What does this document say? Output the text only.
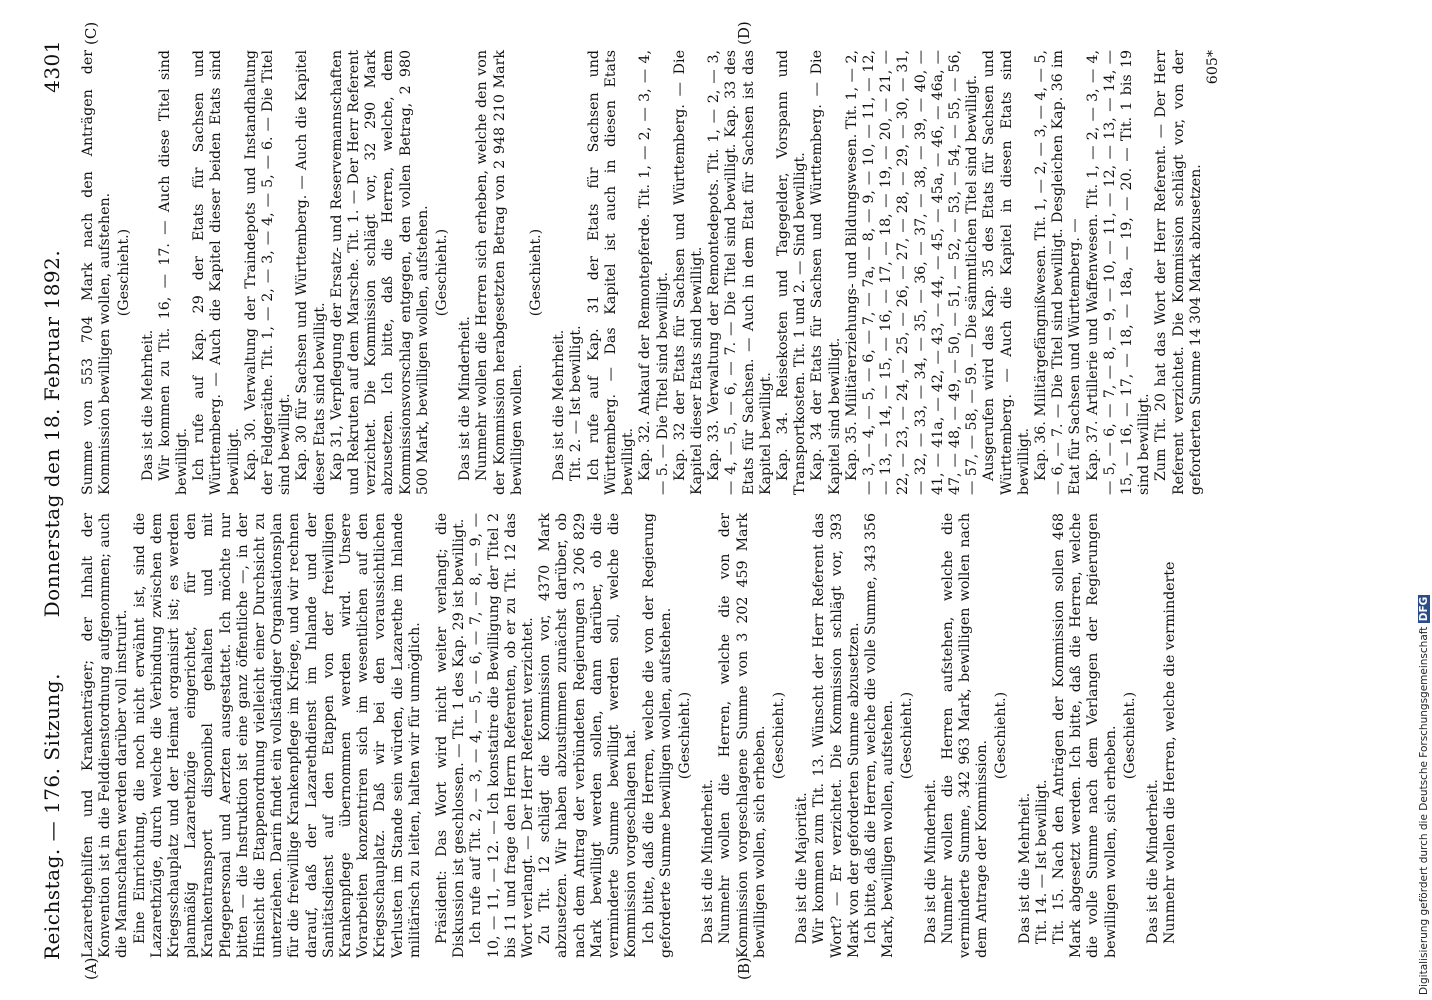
Reichstag. — 176. Sitzung.
Donnerstag den 18. Februar 1892. 4301
(A)	(B)
(C)	(D)

Lazarethgehilfen und Krankenträger; der Inhalt der Konvention ist in die Felddienstordnung aufgenommen; auch die Mannschaften werden darüber voll instruirt. Eine Einrichtung, die noch nicht erwähnt ist, sind die Lazarethzüge, durch welche die Verbindung zwischen dem Kriegsschauplatz und der Heimat organisirt ist; es werden planmäßig Lazarethzüge eingerichtet, für den Krankentransport disponibel gehalten und mit Pflegepersonal und Aerzten ausgestattet. Ich möchte nur bitten — die Instruktion ist eine ganz öffentliche —, in der Hinsicht die Etappenordnung vielleicht einer Durchsicht zu unterziehen. Darin findet ein vollständiger Organisationsplan für die freiwillige Krankenpflege im Kriege, und wir rechnen darauf, daß der Lazarethdienst im Inlande und der Sanitätsdienst auf den Etappen von der freiwilligen Krankenpflege übernommen werden wird. Unsere Vorarbeiten konzentriren sich im wesentlichen auf den Kriegsschauplatz. Daß wir bei den voraussichtlichen Verlusten im Stande sein würden, die Lazarethe im Inlande militärisch zu leiten, halten wir für unmöglich. Präsident: Das Wort wird nicht weiter verlangt; die Diskussion ist geschlossen. — Tit. 1 des Kap. 29 ist bewilligt. Ich rufe auf Tit. 2, — 3, — 4, — 5, — 6, — 7, — 8, — 9, — 10, — 11, — 12. — Ich konstatire die Bewilligung der Titel 2 bis 11 und frage den Herrn Referenten, ob er zu Tit. 12 das Wort verlangt. — Der Herr Referent verzichtet. Zu Tit. 12 schlägt die Kommission vor, 4370 Mark abzusetzen. Wir haben abzustimmen zunächst darüber, ob nach dem Antrag der verbündeten Regierungen 3 206 829 Mark bewilligt werden sollen, dann darüber, ob die verminderte Summe bewilligt werden soll, welche die Kommission vorgeschlagen hat. Ich bitte, daß die Herren, welche die von der Regierung geforderte Summe bewilligen wollen, aufstehen. (Geschieht.)

Das ist die Minderheit. Nunmehr wollen die Herren, welche die von der Kommission vorgeschlagene Summe von 3 202 459 Mark bewilligen wollen, sich erheben. (Geschieht.)

Das ist die Majorität. Wir kommen zum Tit. 13. Wünscht der Herr Referent das Wort? — Er verzichtet. Die Kommission schlägt vor, 393 Mark von der geforderten Summe abzusetzen. Ich bitte, daß die Herren, welche die volle Summe, 343 356 Mark, bewilligen wollen, aufstehen. (Geschieht.)

Das ist die Minderheit. Nunmehr wollen die Herren aufstehen, welche die verminderte Summe, 342 963 Mark, bewilligen wollen nach dem Antrage der Kommission.

(Geschieht.)

Das ist die Mehrheit. Tit. 14. — Ist bewilligt. Tit. 15. Nach den Anträgen der Kommission sollen 468 Mark abgesetzt werden. Ich bitte, daß die Herren, welche die volle Summe nach dem Verlangen der Regierungen bewilligen wollen, sich erheben. (Geschieht.)

Das ist die Minderheit. Nunmehr wollen die Herren, welche die verminderte

Summe von 553 704 Mark nach den Anträgen der Kommission bewilligen wollen, aufstehen. (Geschieht.)

Das ist die Mehrheit. Wir kommen zu Tit. 16, — 17. — Auch diese Titel sind bewilligt. Ich rufe auf Kap. 29 der Etats für Sachsen und Württemberg. — Auch die Kapitel dieser beiden Etats sind bewilligt. Kap. 30. Verwaltung der Traindepots und Instandhaltung der Feldgeräthe. Tit. 1, — 2, — 3, — 4, — 5, — 6. — Die Titel sind bewilligt. Kap. 30 für Sachsen und Württemberg. — Auch die Kapitel dieser Etats sind bewilligt. Kap 31, Verpflegung der Ersatz- und Reservemannschaften und Rekruten auf dem Marsche. Tit. 1. — Der Herr Referent verzichtet. Die Kommission schlägt vor, 32 290 Mark abzusetzen. Ich bitte, daß die Herren, welche, dem Kommissionsvorschlag entgegen, den vollen Betrag, 2 980 500 Mark, bewilligen wollen, aufstehen. (Geschieht.)

Das ist die Minderheit. Nunmehr wollen die Herren sich erheben, welche den von der Kommission herabgesetzten Betrag von 2 948 210 Mark bewilligen wollen.

(Geschieht.)

Das ist die Mehrheit. Tit. 2. — Ist bewilligt. Ich rufe auf Kap. 31 der Etats für Sachsen und Württemberg. — Das Kapitel ist auch in diesen Etats bewilligt. Kap. 32. Ankauf der Remontepferde. Tit. 1, — 2, — 3, — 4, — 5. — Die Titel sind bewilligt. Kap. 32 der Etats für Sachsen und Württemberg. — Die Kapitel dieser Etats sind bewilligt. Kap. 33. Verwaltung der Remontedepots. Tit. 1, — 2, — 3, — 4, — 5, — 6, — 7. — Die Titel sind bewilligt. Kap. 33 des Etats für Sachsen. — Auch in dem Etat für Sachsen ist das Kapitel bewilligt. Kap. 34. Reisekosten und Tagegelder, Vorspann und Transportkosten. Tit. 1 und 2. — Sind bewilligt. Kap. 34 der Etats für Sachsen und Württemberg. — Die Kapitel sind bewilligt. Kap. 35. Militärerziehungs- und Bildungswesen. Tit. 1, — 2, — 3, — 4, — 5, — 6, — 7, — 7a, — 8, — 9, — 10, — 11, — 12, — 13, — 14, — 15, — 16, — 17, — 18, — 19, — 20, — 21, — 22, — 23, — 24, — 25, — 26, — 27, — 28, — 29, — 30, — 31, — 32, — 33, — 34, — 35, — 36, — 37, — 38, — 39, — 40, — 41, — 41a, — 42, — 43, — 44, — 45, — 45a, — 46, — 46a, — 47, — 48, — 49, — 50, — 51, — 52, — 53, — 54, — 55, — 56, — 57, — 58, — 59. — Die sämmtlichen Titel sind bewilligt. Ausgerufen wird das Kap. 35 des Etats für Sachsen und Württemberg. — Auch die Kapitel in diesen Etats sind bewilligt. Kap. 36. Militärgefängnißwesen. Tit. 1, — 2, — 3, — 4, — 5, — 6, — 7. — Die Titel sind bewilligt. Desgleichen Kap. 36 im Etat für Sachsen und Württemberg. — Kap. 37. Artillerie und Waffenwesen. Tit. 1, — 2, — 3, — 4, — 5, — 6, — 7, — 8, — 9, — 10, — 11, — 12, — 13, — 14, — 15, — 16, — 17, — 18, — 18a, — 19, — 20. — Tit. 1 bis 19 sind bewilligt. Zum Tit. 20 hat das Wort der Herr Referent. — Der Herr Referent verzichtet. Die Kommission schlägt vor, von der geforderten Summe 14 304 Mark abzusetzen.

605*

Digitalisierung gefördert durch die Deutsche Forschungsgemeinschaft DFG
